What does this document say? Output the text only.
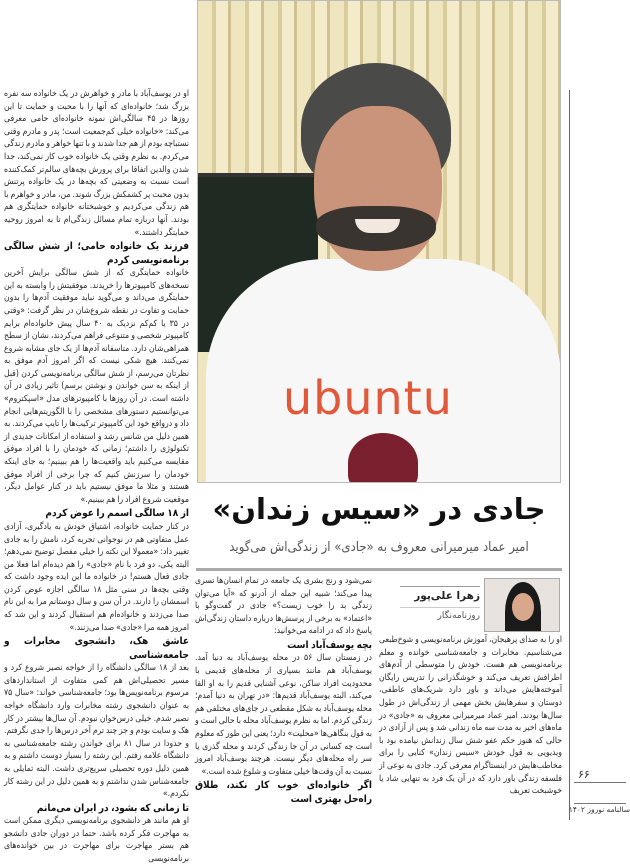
او در یوسف‌آباد با مادر و خواهرش در یک خانواده سه نفره بزرگ شد؛ خانواده‌ای که آنها را با محبت و حمایت تا این روزها در ۴۵ سالگی‌اش نمونه خانواده‌ای حامی معرفی می‌کند: «خانواده خیلی کم‌جمعیت است؛ پدر و مادرم وقتی نستباچه بودم از هم جدا شدند و با تنها خواهر و مادرم زندگی می‌کردم. به نظرم وقتی یک خانواده خوب کار نمی‌کند، جدا شدن والدین اتفاقا برای پرورش بچه‌های سالم‌تر کمک‌کننده است نسبت به وضعیتی که بچه‌ها در یک خانواده پرتنش بدون محبت پر کشمکش بزرگ شوند. من، مادر و خواهرم با هم زندگی می‌کردیم و خوشبختانه خانواده حمایتگری هم بودند. آنها درباره تمام مسائل زندگی‌ام تا به امروز روحیه حمایتگر داشتند.»

فرزند یک خانواده حامی؛ از شش سالگی برنامه‌نویسی کردم

خانواده حمایتگری که از شش سالگی برایش آخرین نسخه‌های کامپیوترها را خریدند. موفقیتش را وابسته به این حمایتگری می‌داند و می‌گوید نباید موفقیت آدم‌ها را بدون حمایت و تفاوت در نقطه شروع‌شان در نظر گرفت: «وقتی در ۳۵ یا کم‌کم نزدیک به ۴۰ سال پیش خانواده‌ام برایم کامپیوتر شخصی و متنوعی فراهم می‌کردند، نشان از سطح همراهی‌شان دارد. متاسفانه آدم‌ها از یک جای مشابه شروع نمی‌کنند. هیچ شکی نیست که اگر امروز آدم موفق به نظرتان می‌رسم، از شش سالگی برنامه‌نویسی کردن (قبل از اینکه به سن خواندن و نوشتن برسم) تاثیر زیادی در آن داشته است. در آن روزها با کامپیوترهای مدل «اسپکتروم» می‌توانستیم دستورهای مشخصی را با الگوریتم‌هایی انجام داد و درواقع خود این کامپیوتر ترکیب‌ها را تایپ می‌کردند. به همین دلیل من شانس رشد و استفاده از امکانات جدیدی از تکنولوژی را داشتم؛ زمانی که خودمان را با افراد موفق مقایسه می‌کنیم باید واقعیت‌ها را هم ببینیم؛ به جای اینکه خودمان را سرزنش کنیم که چرا برخی از افراد موفق هستند و مثلا ما موفق نیستیم باید در کنار عوامل دیگر، موقعیت شروع افراد را هم ببینیم.»

از ۱۸ سالگی اسمم را عوض کردم

در کنار حمایت خانواده، اشتیاق خودش به یادگیری، آزادی عمل متفاوتی هم در نوجوانی تجربه کرد، نامش را به جادی تغییر داد: «معمولا این نکته را خیلی مفصل توضیح نمی‌دهم؛ البته یکی، دو فرد با نام «جادی» را هم دیده‌ام اما فعلا من جادی فعال هستم! در خانواده ما این ایده وجود داشت که وقتی بچه‌ها در سنی مثل ۱۸ سالگی اجازه عوض کردن اسمشان را دارند. در آن سن و سال دوستانم مرا به این نام صدا می‌زدند و خانواده‌ام هم استقبال کردند و این شد که امروز همه مرا «جادی» صدا می‌زنند.»

عاشق هک، دانشجوی مخابرات و جامعه‌شناسی

بعد از ۱۸ سالگی دانشگاه را از خواجه نصیر شروع کرد و مسیر تحصیلی‌اش هم کمی متفاوت از استانداردهای مرسوم برنامه‌نویس‌ها بود؛ جامعه‌شناسی خواند: «سال ۷۵ به عنوان دانشجوی رشته مخابرات وارد دانشگاه خواجه نصیر شدم. خیلی درس‌خوان نبودم. آن سال‌ها بیشتر در کار هک و سایت بودم و جز چند ترم آخر درس‌ها را جدی نگرفتم. و حدودا در سال ۸۱ برای خواندن رشته جامعه‌شناسی به دانشگاه علامه رفتم. این رشته را بسیار دوست داشتم و به همین دلیل دوره تحصیلی سریع‌تری داشت. البته تمایلی به جامعه‌شناس شدن نداشتم و به همین دلیل در این رشته کار نکردم.»

تا زمانی که بشود، در ایران می‌مانم

او هم مانند هر دانشجوی برنامه‌نویسی دیگری ممکن است به مهاجرت فکر کرده باشد. حتما در دوران جادی دانشجو هم بستر مهاجرت برای مهاجرت در بین خوانده‌های برنامه‌نویسی

ubuntu
جادی در «سیس زندان»
امیر عماد میرمیرانی معروف به «جادی» از زندگی‌اش می‌گوید

نمی‌شود و رنج بشری یک جامعه در تمام انسان‌ها تسری پیدا می‌کند؛ شبیه این جمله از آدرنو که «آیا می‌توان زندگی بد را خوب زیست؟» جادی در گفت‌وگو با «اعتماد» به برخی از پرسش‌ها درباره داستان زندگی‌اش پاسخ داد که در ادامه می‌خوانید:

بچه یوسف‌آباد است

در زمستان سال ۵۶ در محله یوسف‌آباد به دنیا آمد. یوسف‌آباد هم مانند بسیاری از محله‌های قدیمی با محدودیت افراد ساکن، نوعی آشنایی قدیم را به او القا می‌کند، البته یوسف‌آباد قدیم‌ها: «در تهران به دنیا آمدم؛ محله یوسف‌آباد به شکل مقطعی در جای‌های مختلفی هم زندگی کردم. اما به نظرم یوسف‌آباد محله با حالی است و به قول بنگاهی‌ها «محلیت» دارد؛ یعنی این طور که معلوم است چه کسانی در آن جا زندگی کردند و محله گذری یا سر راه محله‌های دیگر نیست. هرچند یوسف‌آباد امروز نسبت به آن وقت‌ها خیلی متفاوت و شلوغ شده است.»

اگر خانواده‌ای خوب کار نکند، طلاق راه‌حل بهتری است
زهرا علی‌پور
روزنامه‌نگار

او را به صدای پرهیجان، آموزش برنامه‌نویسی و شوخ‌طبعی می‌شناسیم. مخابرات و جامعه‌شناسی خوانده و معلم برنامه‌نویسی هم هست. خودش را متوسطی از آدم‌های اطرافش تعریف می‌کند و خوشگذرانی را تدریس رایگان آموخته‌هایش می‌داند و باور دارد شریک‌های عاطفی، دوستان و سفرهایش بخش مهمی از زندگی‌اش در طول سال‌ها بودند. امیر عماد میرمیرانی معروف به «جادی» در ماه‌های اخیر به مدت سه ماه زندانی شد و پس از آزادی در حالی که هنوز حکم عفو شش سال زندانش نیامده بود با ویدیویی به قول خودش «سیس زندان» کنایی را برای مخاطب‌هایش در اینستاگرام معرفی کرد. جادی به نوعی از فلسفه زندگی باور دارد که در آن یک فرد به تنهایی شاد یا خوشبخت تعریف

۶۶
سالنامه نوروز ۱۴۰۲
